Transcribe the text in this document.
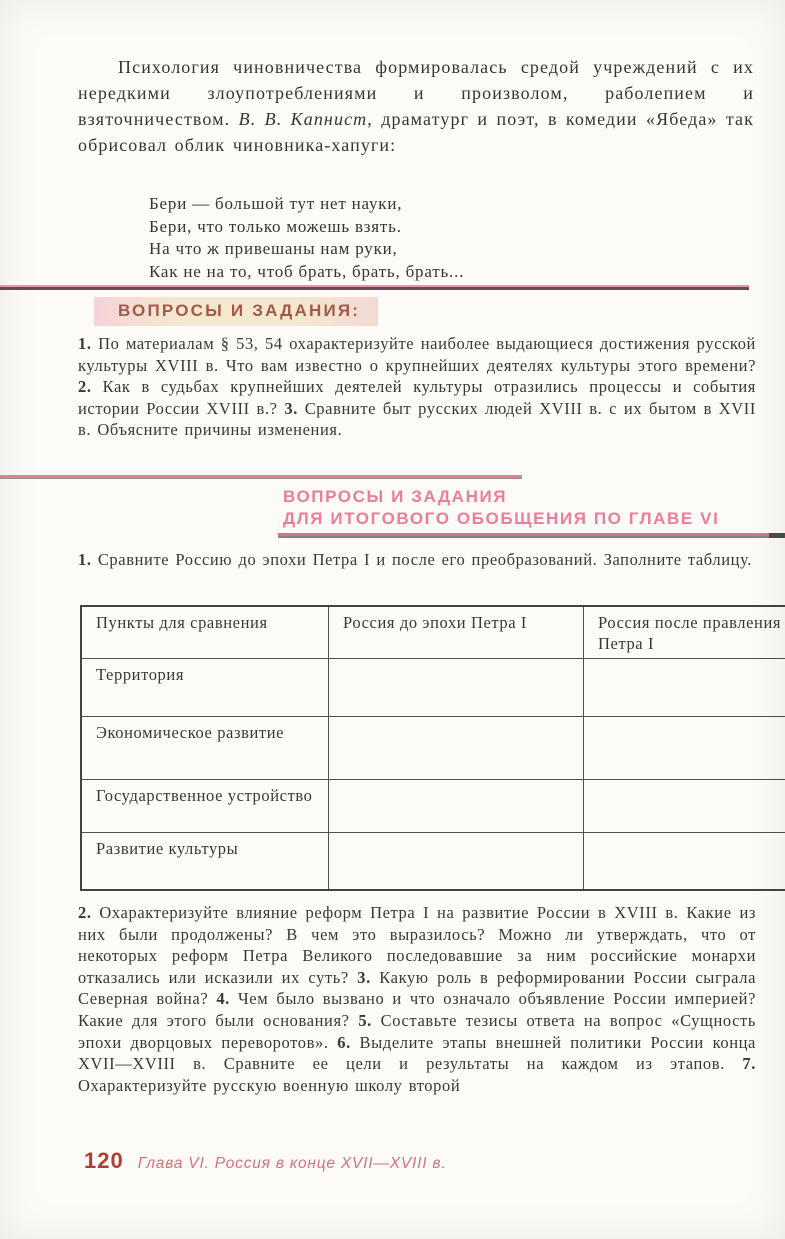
Психология чиновничества формировалась средой учреждений с их нередкими злоупотреблениями и произволом, раболепием и взяточничеством. В. В. Капнист, драматург и поэт, в комедии «Ябеда» так обрисовал облик чиновника-хапуги:

Бери — большой тут нет науки,
Бери, что только можешь взять.
На что ж привешаны нам руки,
Как не на то, чтоб брать, брать, брать...
ВОПРОСЫ И ЗАДАНИЯ:

1. По материалам § 53, 54 охарактеризуйте наиболее выдающиеся достижения русской культуры XVIII в. Что вам известно о крупнейших деятелях культуры этого времени? 2. Как в судьбах крупнейших деятелей культуры отразились процессы и события истории России XVIII в.? 3. Сравните быт русских людей XVIII в. с их бытом в XVII в. Объясните причины изменения.

ВОПРОСЫ И ЗАДАНИЯ
ДЛЯ ИТОГОВОГО ОБОБЩЕНИЯ ПО ГЛАВЕ VI

1. Сравните Россию до эпохи Петра I и после его преобразований. Заполните таблицу.

Пункты для сравнения	Россия до эпохи Петра I	Россия после правления Петра I
Территория		
Экономическое развитие		
Государственное устройство		
Развитие культуры		

2. Охарактеризуйте влияние реформ Петра I на развитие России в XVIII в. Какие из них были продолжены? В чем это выразилось? Можно ли утверждать, что от некоторых реформ Петра Великого последовавшие за ним российские монархи отказались или исказили их суть? 3. Какую роль в реформировании России сыграла Северная война? 4. Чем было вызвано и что означало объявление России империей? Какие для этого были основания? 5. Составьте тезисы ответа на вопрос «Сущность эпохи дворцовых переворотов». 6. Выделите этапы внешней политики России конца XVII—XVIII в. Сравните ее цели и результаты на каждом из этапов. 7. Охарактеризуйте русскую военную школу второй

120 Глава VI. Россия в конце XVII—XVIII в.
